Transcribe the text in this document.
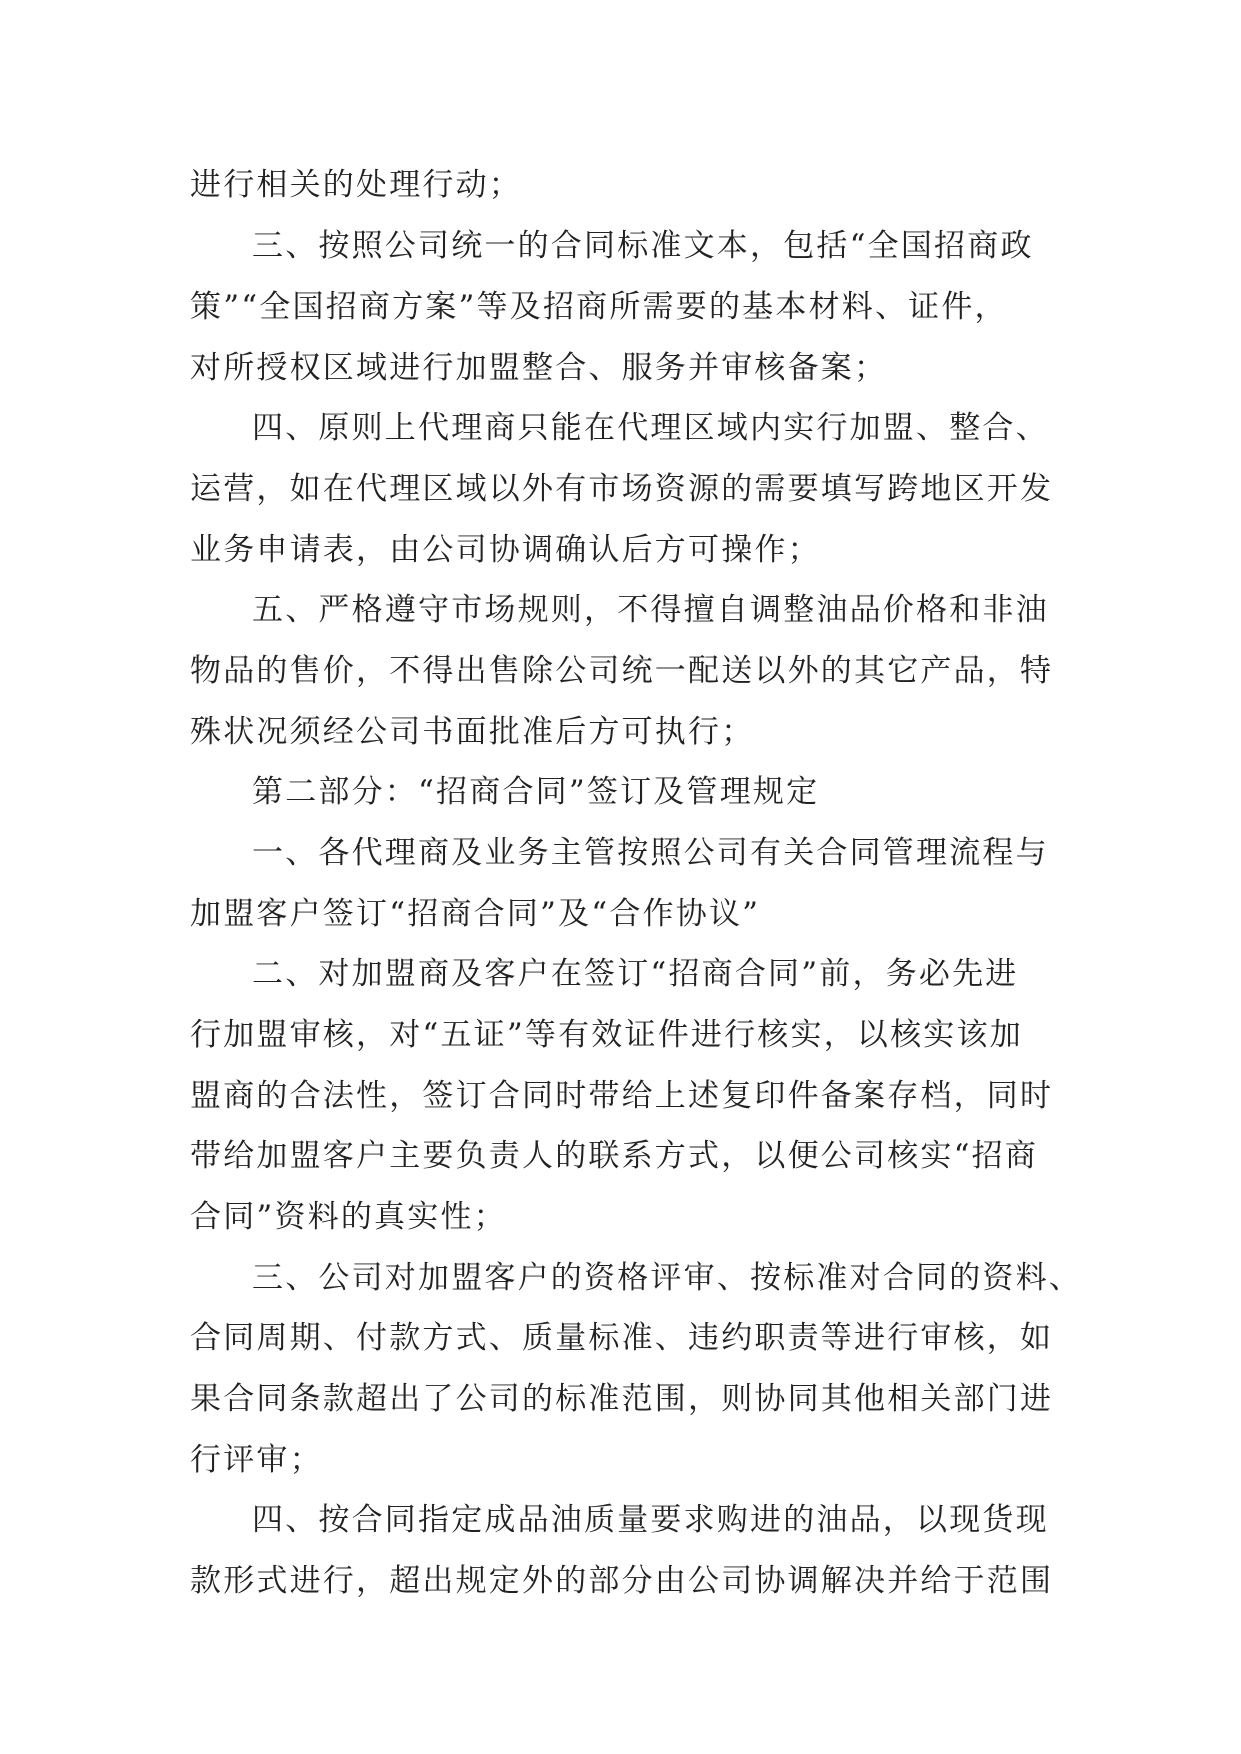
进行相关的处理行动；
三、按照公司统一的合同标准文本，包括“全国招商政
策”“全国招商方案”等及招商所需要的基本材料、证件，
对所授权区域进行加盟整合、服务并审核备案；
四、原则上代理商只能在代理区域内实行加盟、整合、
运营，如在代理区域以外有市场资源的需要填写跨地区开发
业务申请表，由公司协调确认后方可操作；
五、严格遵守市场规则，不得擅自调整油品价格和非油
物品的售价，不得出售除公司统一配送以外的其它产品，特
殊状况须经公司书面批准后方可执行；
第二部分：“招商合同”签订及管理规定
一、各代理商及业务主管按照公司有关合同管理流程与
加盟客户签订“招商合同”及“合作协议”
二、对加盟商及客户在签订“招商合同”前，务必先进
行加盟审核，对“五证”等有效证件进行核实，以核实该加
盟商的合法性，签订合同时带给上述复印件备案存档，同时
带给加盟客户主要负责人的联系方式，以便公司核实“招商
合同”资料的真实性；
三、公司对加盟客户的资格评审、按标准对合同的资料、
合同周期、付款方式、质量标准、违约职责等进行审核，如
果合同条款超出了公司的标准范围，则协同其他相关部门进
行评审；
四、按合同指定成品油质量要求购进的油品，以现货现
款形式进行，超出规定外的部分由公司协调解决并给于范围
